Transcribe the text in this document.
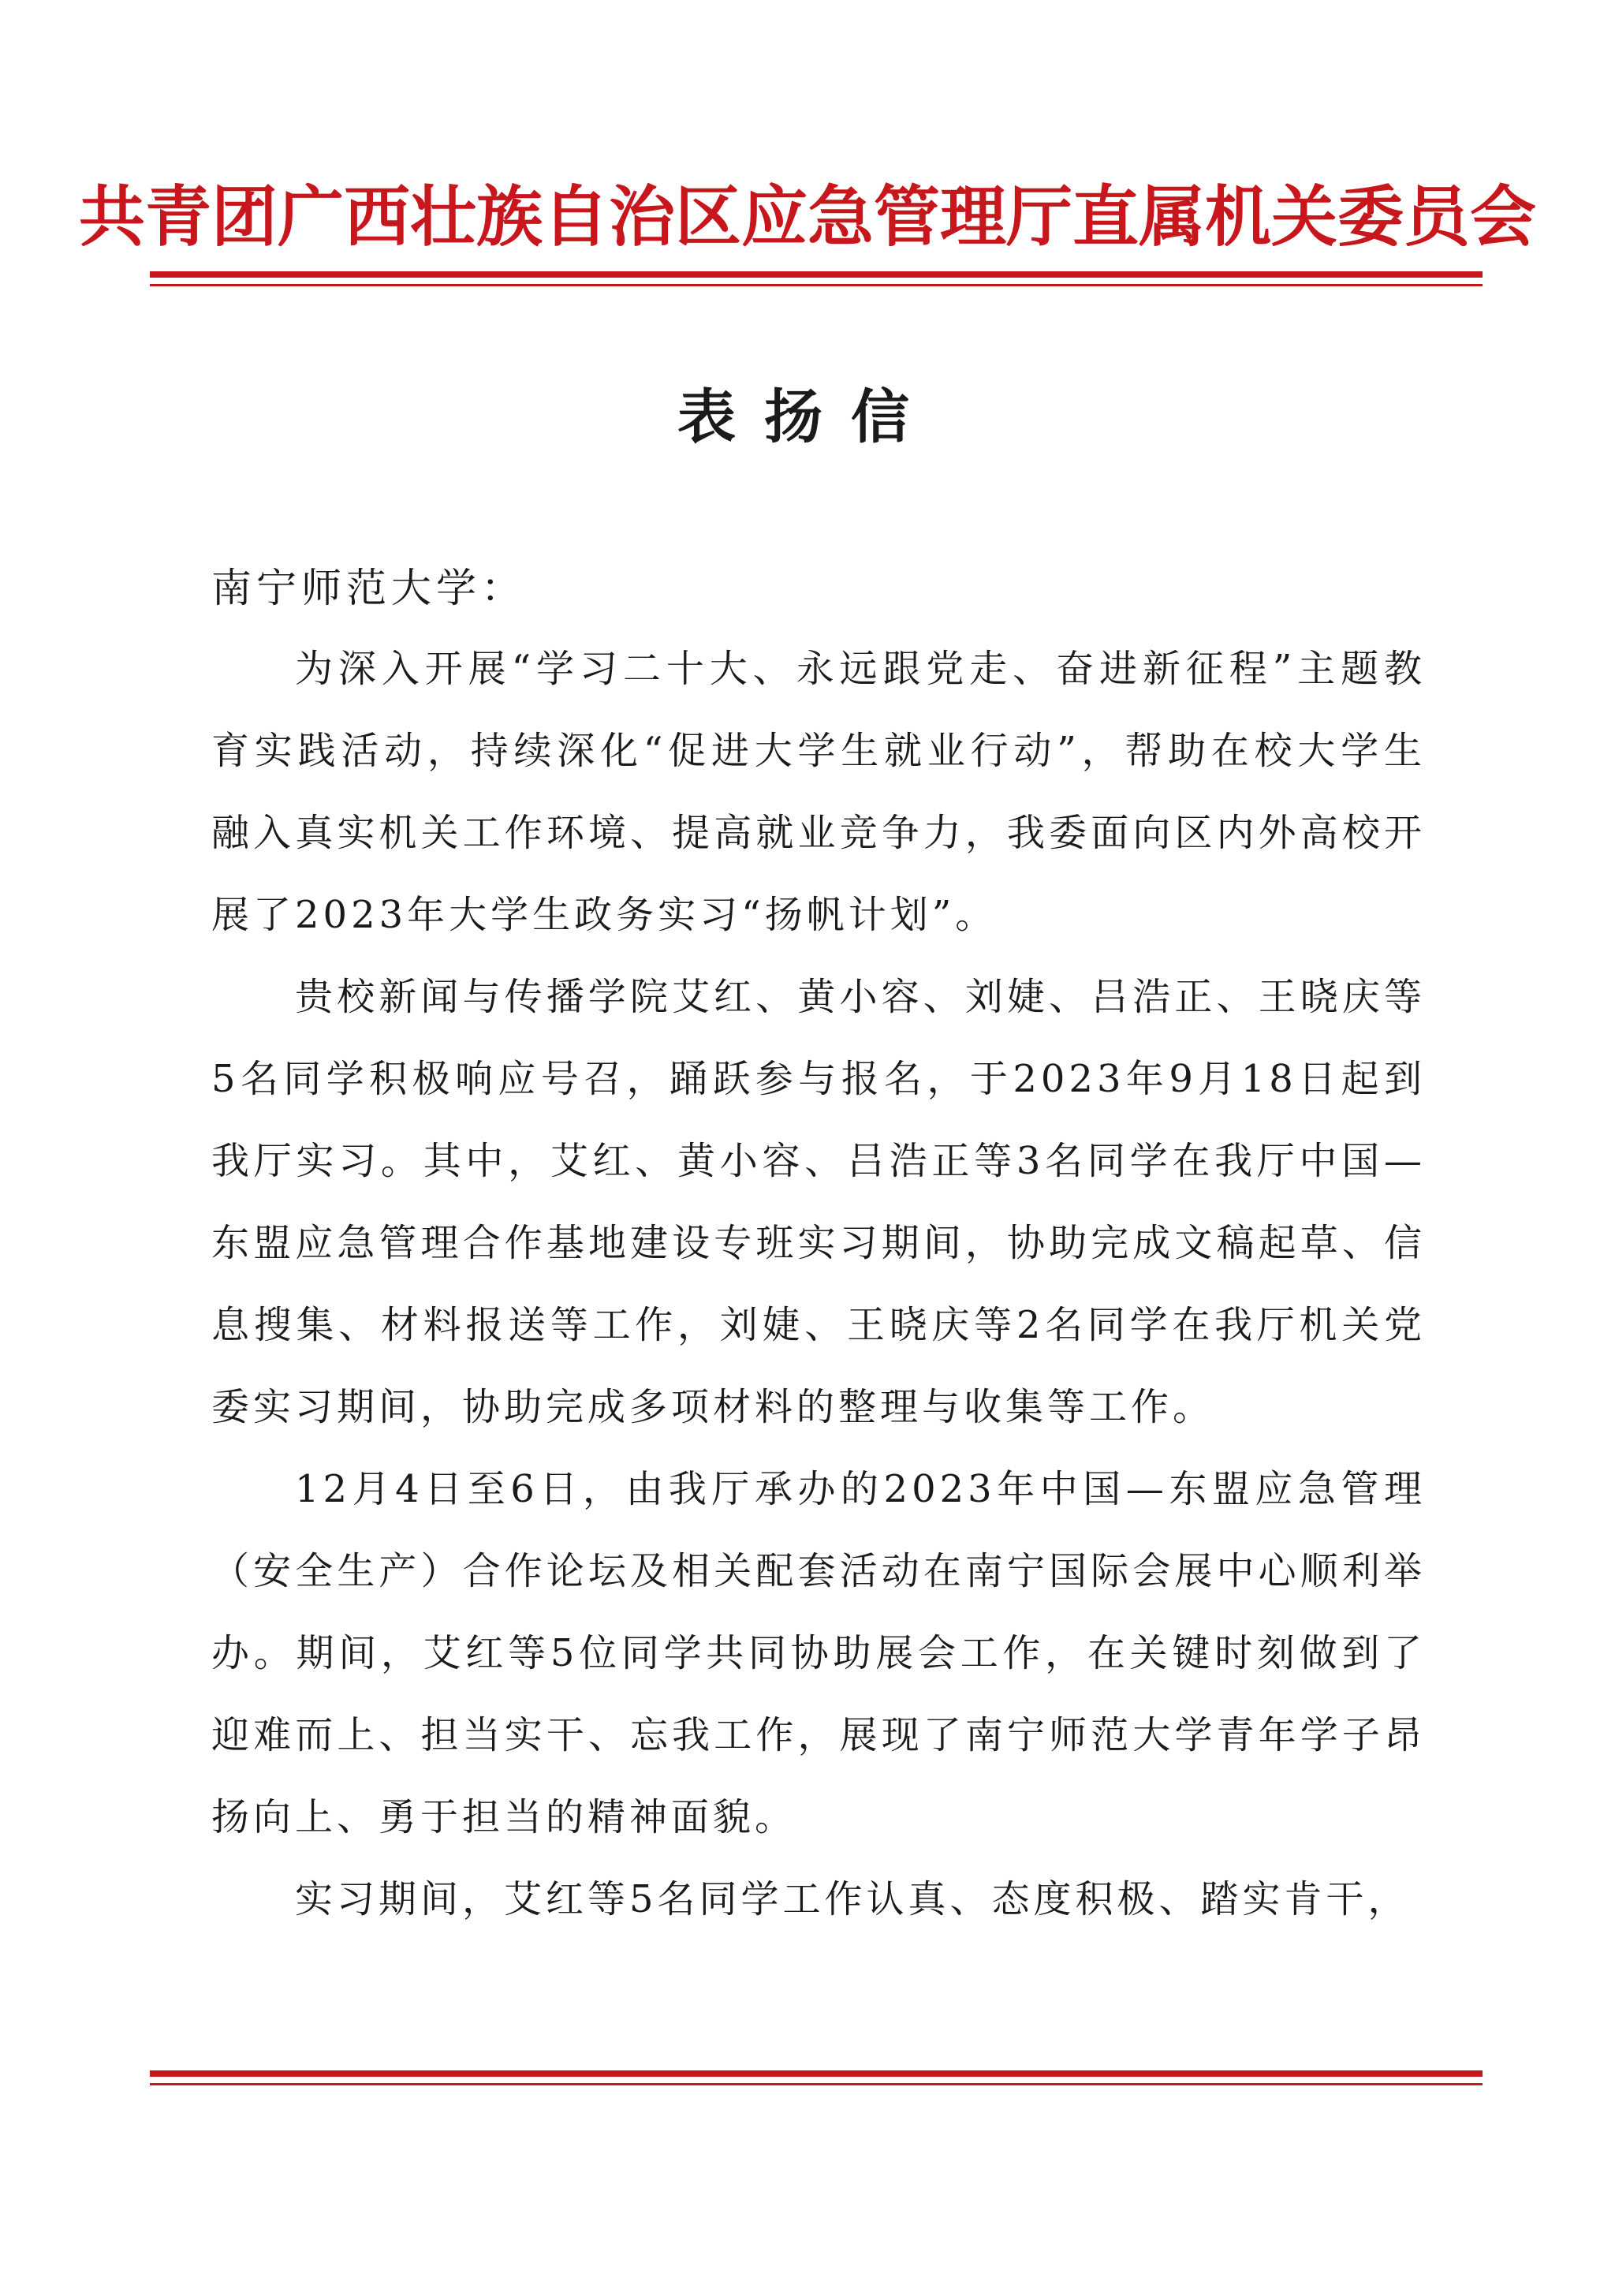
共青团广西壮族自治区应急管理厅直属机关委员会
表扬信
南宁师范大学：

为深入开展“学习二十大、永远跟党走、奋进新征程”主题教育实践活动，持续深化“促进大学生就业行动”，帮助在校大学生融入真实机关工作环境、提高就业竞争力，我委面向区内外高校开展了2023年大学生政务实习“扬帆计划”。

贵校新闻与传播学院艾红、黄小容、刘婕、吕浩正、王晓庆等5名同学积极响应号召，踊跃参与报名，于2023年9月18日起到我厅实习。其中，艾红、黄小容、吕浩正等3名同学在我厅中国—东盟应急管理合作基地建设专班实习期间，协助完成文稿起草、信息搜集、材料报送等工作，刘婕、王晓庆等2名同学在我厅机关党委实习期间，协助完成多项材料的整理与收集等工作。

12月4日至6日，由我厅承办的2023年中国—东盟应急管理（安全生产）合作论坛及相关配套活动在南宁国际会展中心顺利举办。期间，艾红等5位同学共同协助展会工作，在关键时刻做到了迎难而上、担当实干、忘我工作，展现了南宁师范大学青年学子昂扬向上、勇于担当的精神面貌。

实习期间，艾红等5名同学工作认真、态度积极、踏实肯干，
